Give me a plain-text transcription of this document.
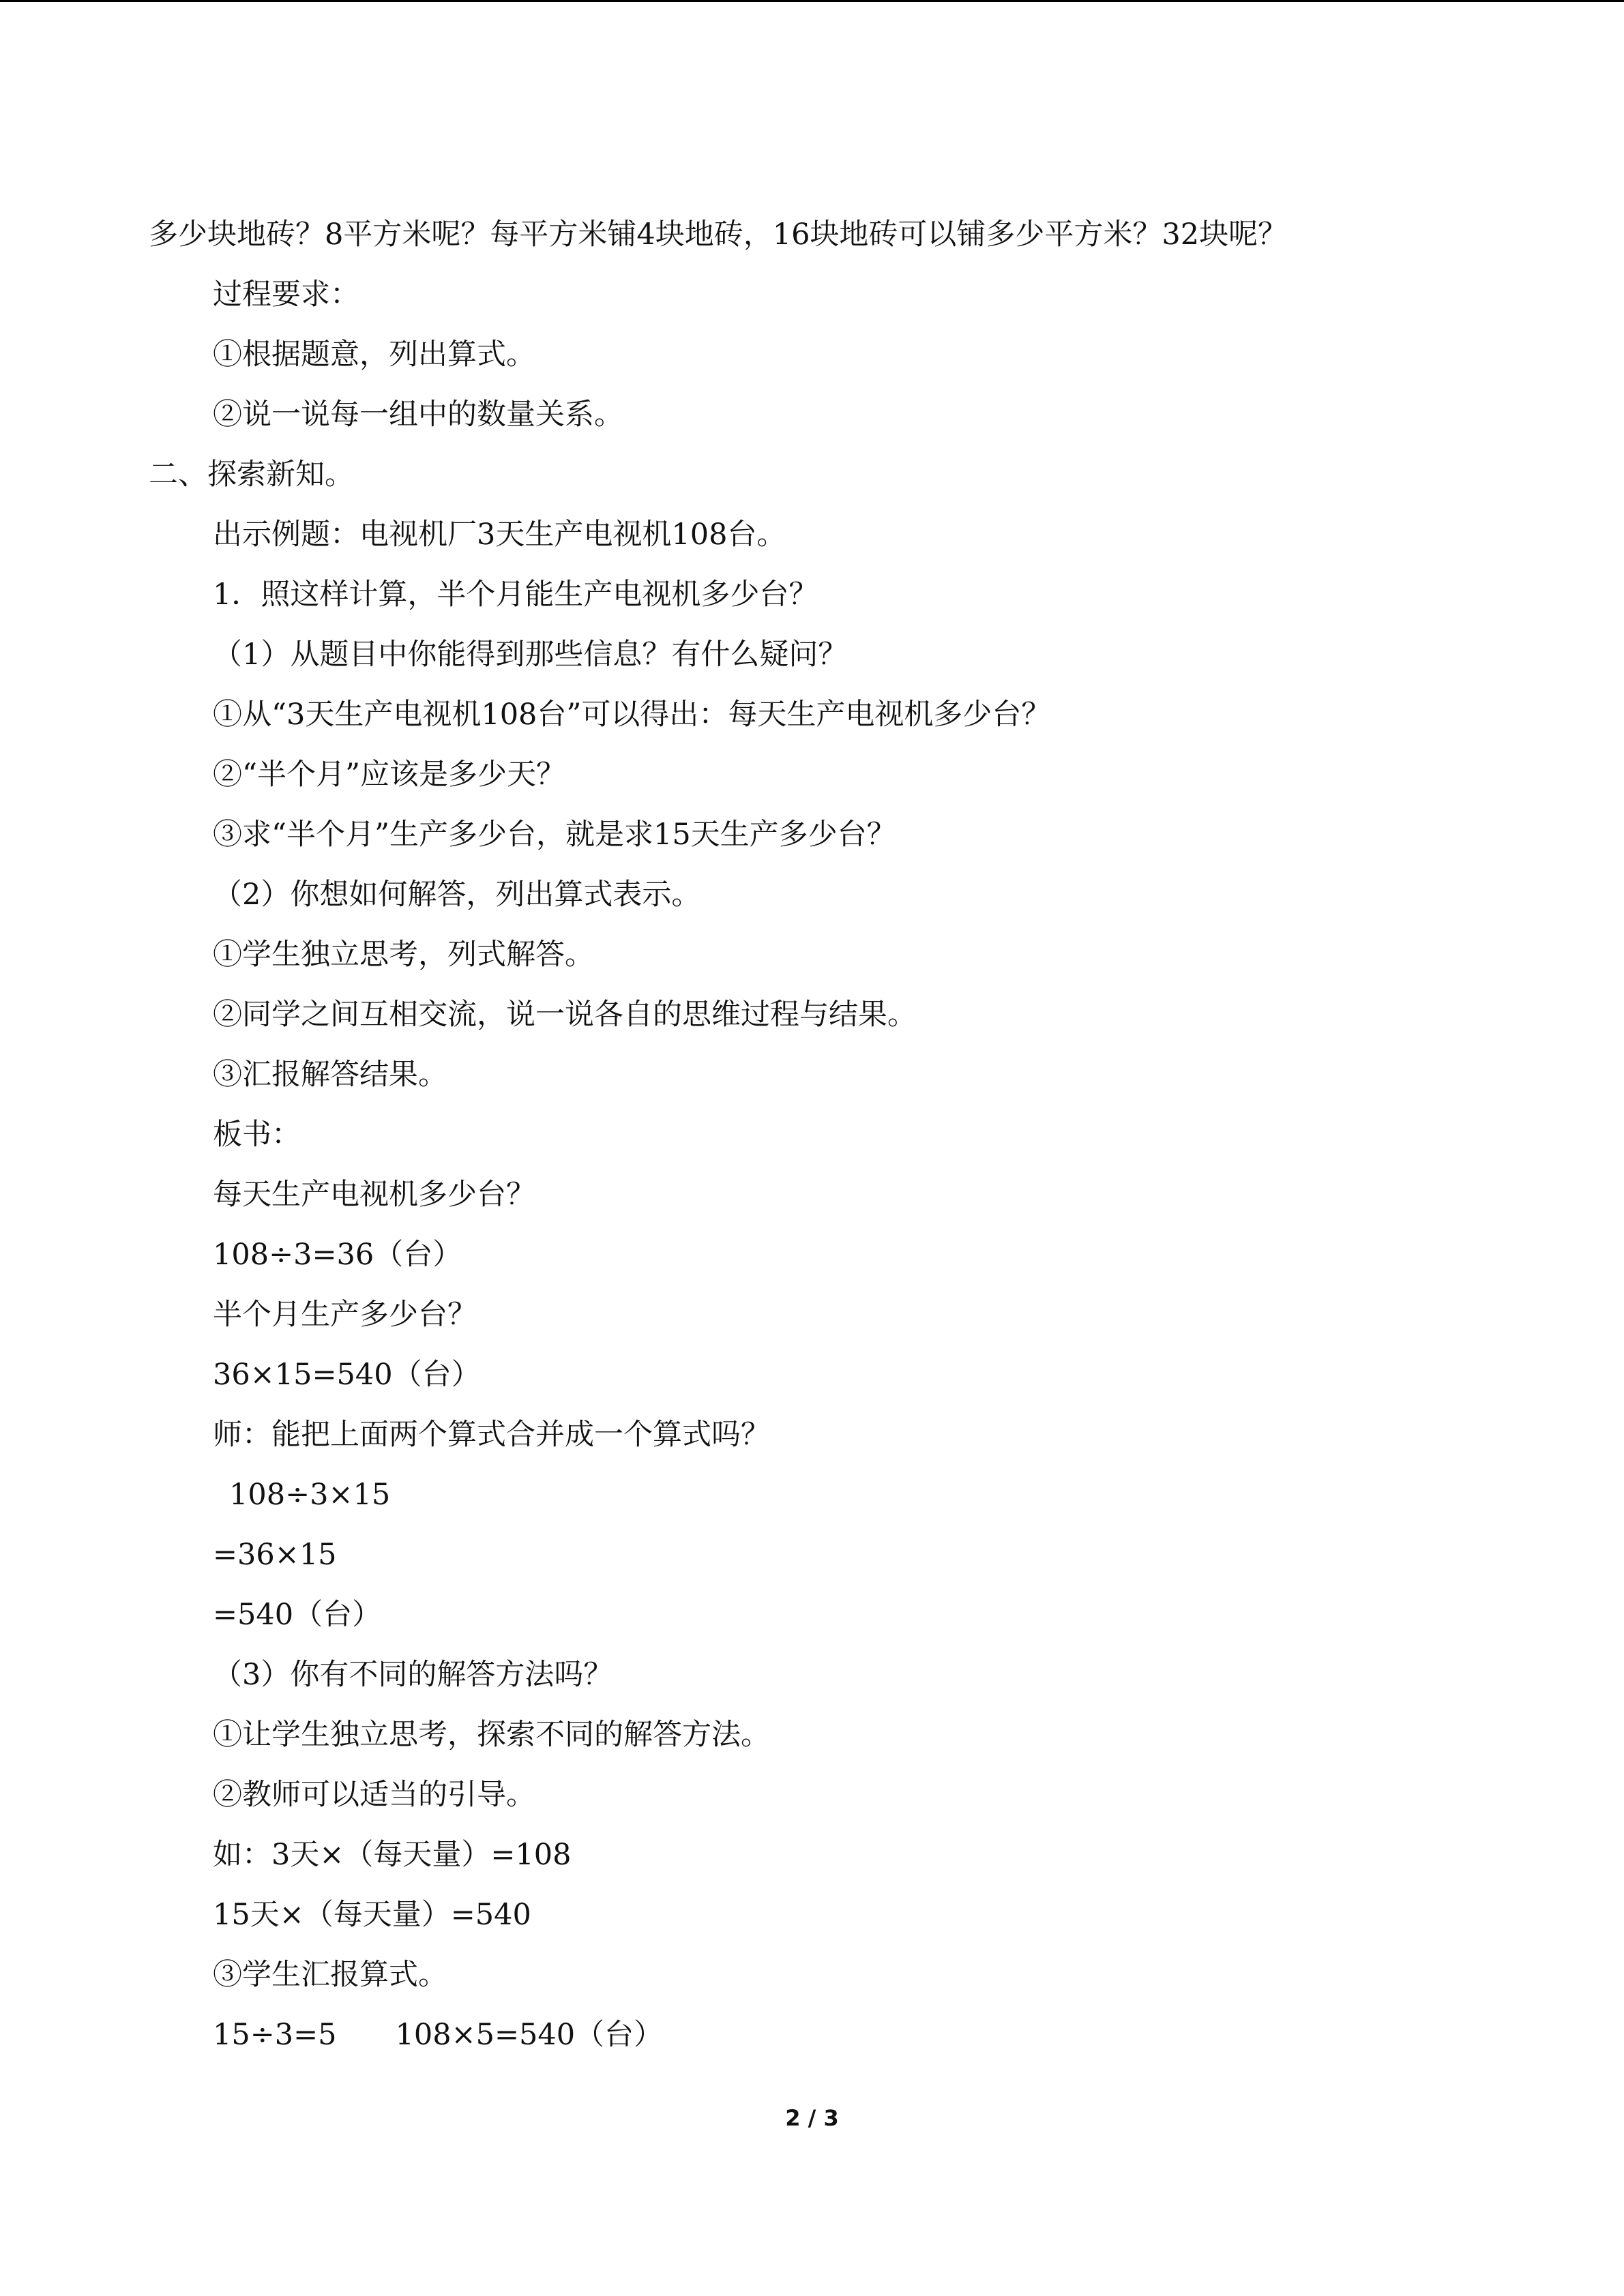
多少块地砖？8平方米呢？每平方米铺4块地砖，16块地砖可以铺多少平方米？32块呢？
过程要求：
①根据题意，列出算式。
②说一说每一组中的数量关系。
二、探索新知。
出示例题：电视机厂3天生产电视机108台。
1．照这样计算，半个月能生产电视机多少台？
（1）从题目中你能得到那些信息？有什么疑问？
①从“3天生产电视机108台”可以得出：每天生产电视机多少台？
②“半个月”应该是多少天？
③求“半个月”生产多少台，就是求15天生产多少台？
（2）你想如何解答，列出算式表示。
①学生独立思考，列式解答。
②同学之间互相交流，说一说各自的思维过程与结果。
③汇报解答结果。
板书：
每天生产电视机多少台？
108÷3=36（台）
半个月生产多少台？
36×15=540（台）
师：能把上面两个算式合并成一个算式吗？
108÷3×15
=36×15
=540（台）
（3）你有不同的解答方法吗？
①让学生独立思考，探索不同的解答方法。
②教师可以适当的引导。
如：3天×（每天量）=108
15天×（每天量）=540
③学生汇报算式。
15÷3=5　　108×5=540（台）
2 / 3
